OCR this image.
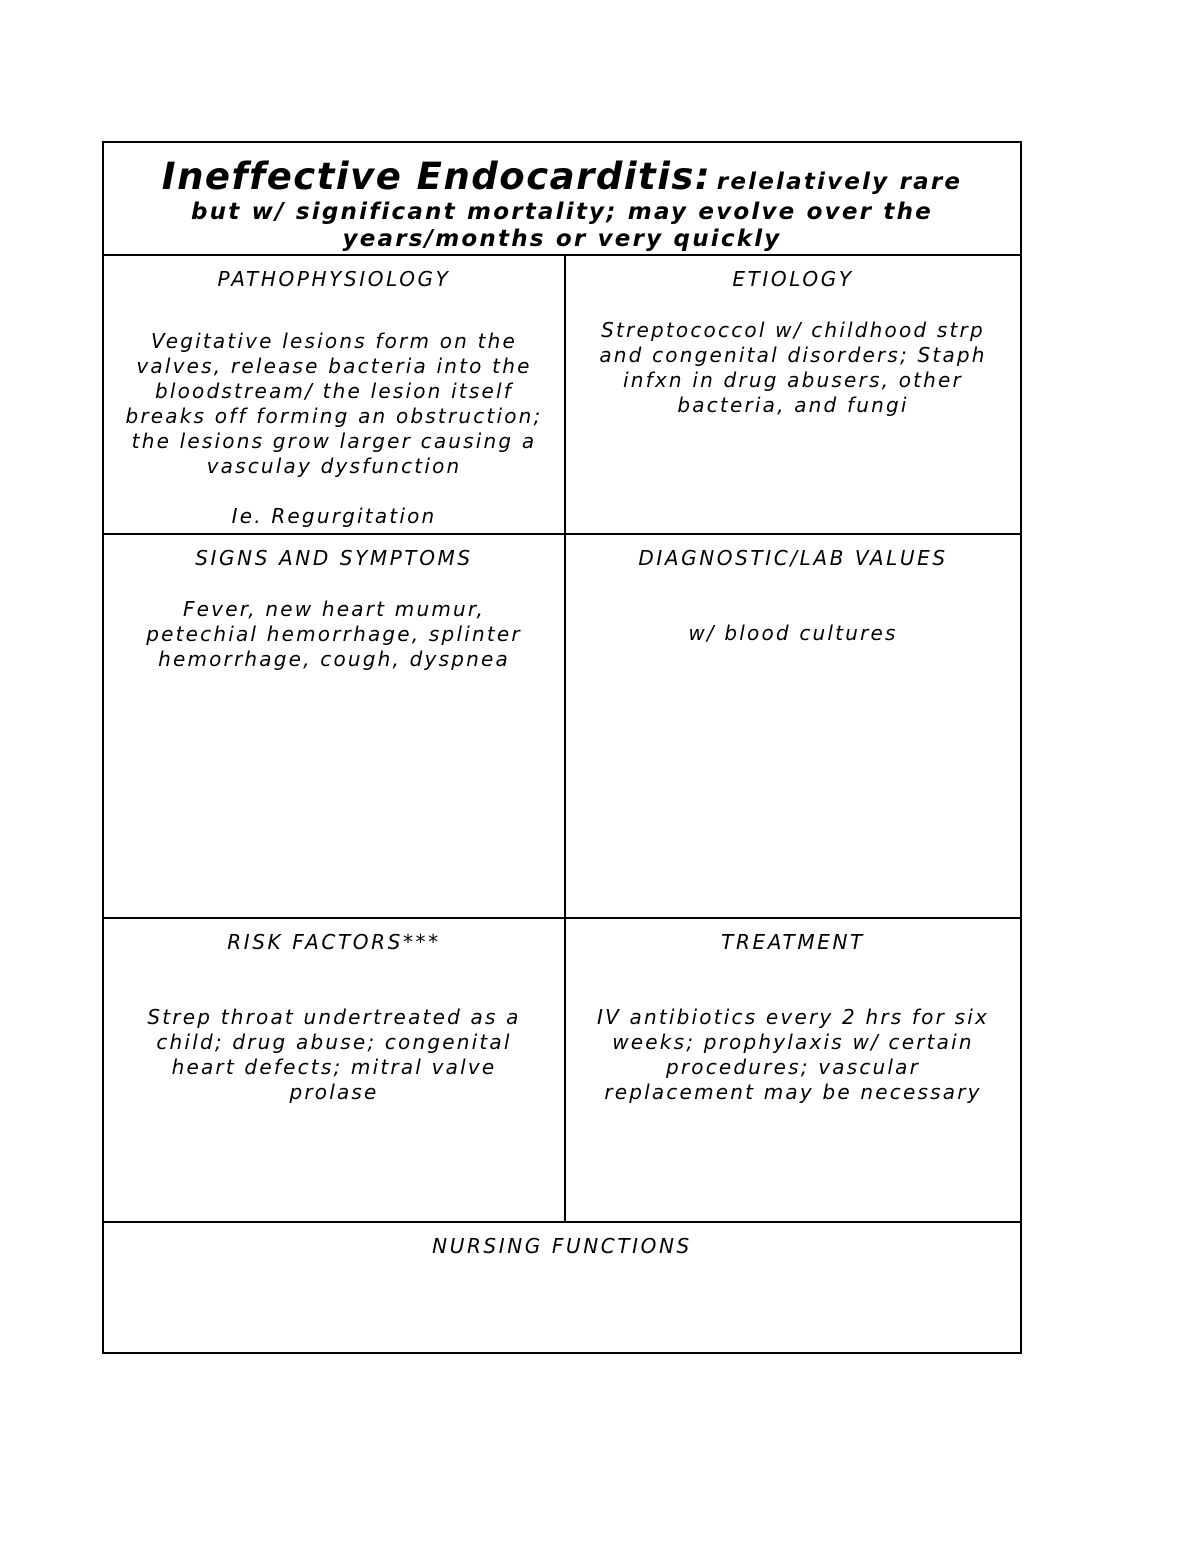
Ineffective Endocarditis: relelatively rare
but w/ significant mortality; may evolve over the
years/months or very quickly
PATHOPHYSIOLOGY
Vegitative lesions form on the
valves, release bacteria into the
bloodstream/ the lesion itself
breaks off forming an obstruction;
the lesions grow larger causing a
vasculay dysfunction
Ie. Regurgitation
ETIOLOGY
Streptococcol w/ childhood strp
and congenital disorders; Staph
infxn in drug abusers, other
bacteria, and fungi
SIGNS AND SYMPTOMS
Fever, new heart mumur,
petechial hemorrhage, splinter
hemorrhage, cough, dyspnea
DIAGNOSTIC/LAB VALUES
w/ blood cultures
RISK FACTORS***
Strep throat undertreated as a
child; drug abuse; congenital
heart defects; mitral valve
prolase
TREATMENT
IV antibiotics every 2 hrs for six
weeks; prophylaxis w/ certain
procedures; vascular
replacement may be necessary
NURSING FUNCTIONS
